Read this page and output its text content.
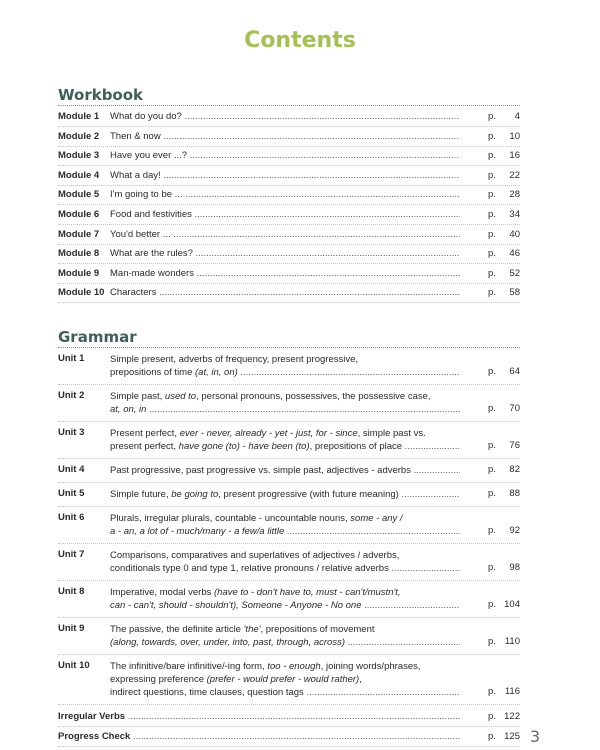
Contents
Workbook
Module 1 What do you do? .....	p. 4
Module 2 Then & now .....	p. 10
Module 3 Have you ever ...? .....	p. 16
Module 4 What a day! .....	p. 22
Module 5 I'm going to be ... .....	p. 28
Module 6 Food and festivities .....	p. 34
Module 7 You'd better ... .....	p. 40
Module 8 What are the rules? .....	p. 46
Module 9 Man-made wonders .....	p. 52
Module 10 Characters .....	p. 58
Grammar
Unit 1	Simple present, adverbs of frequency, present progressive,
prepositions of time (at, in, on) .....	p. 64
Unit 2	Simple past, used to, personal pronouns, possessives, the possessive case,
at, on, in .....	p. 70
Unit 3	Present perfect, ever - never, already - yet - just, for - since, simple past vs.
present perfect, have gone (to) - have been (to), prepositions of place .....	p. 76
Unit 4	Past progressive, past progressive vs. simple past, adjectives - adverbs .....	p. 82
Unit 5	Simple future, be going to, present progressive (with future meaning) .....	p. 88
Unit 6	Plurals, irregular plurals, countable - uncountable nouns, some - any /
a - an, a lot of - much/many - a few/a little .....	p. 92
Unit 7	Comparisons, comparatives and superlatives of adjectives / adverbs,
conditionals type 0 and type 1, relative pronouns / relative adverbs .....	p. 98
Unit 8	Imperative, modal verbs (have to - don't have to, must - can't/mustn't,
can - can't, should - shouldn't), Someone - Anyone - No one .....	p. 104
Unit 9	The passive, the definite article 'the', prepositions of movement
(along, towards, over, under, into, past, through, across) .....	p. 110
Unit 10 The infinitive/bare infinitive/-ing form, too - enough, joining words/phrases,
expressing preference (prefer - would prefer - would rather),
indirect questions, time clauses, question tags .....	p. 116
Irregular Verbs .....	p. 122
Progress Check .....	p. 125 3
